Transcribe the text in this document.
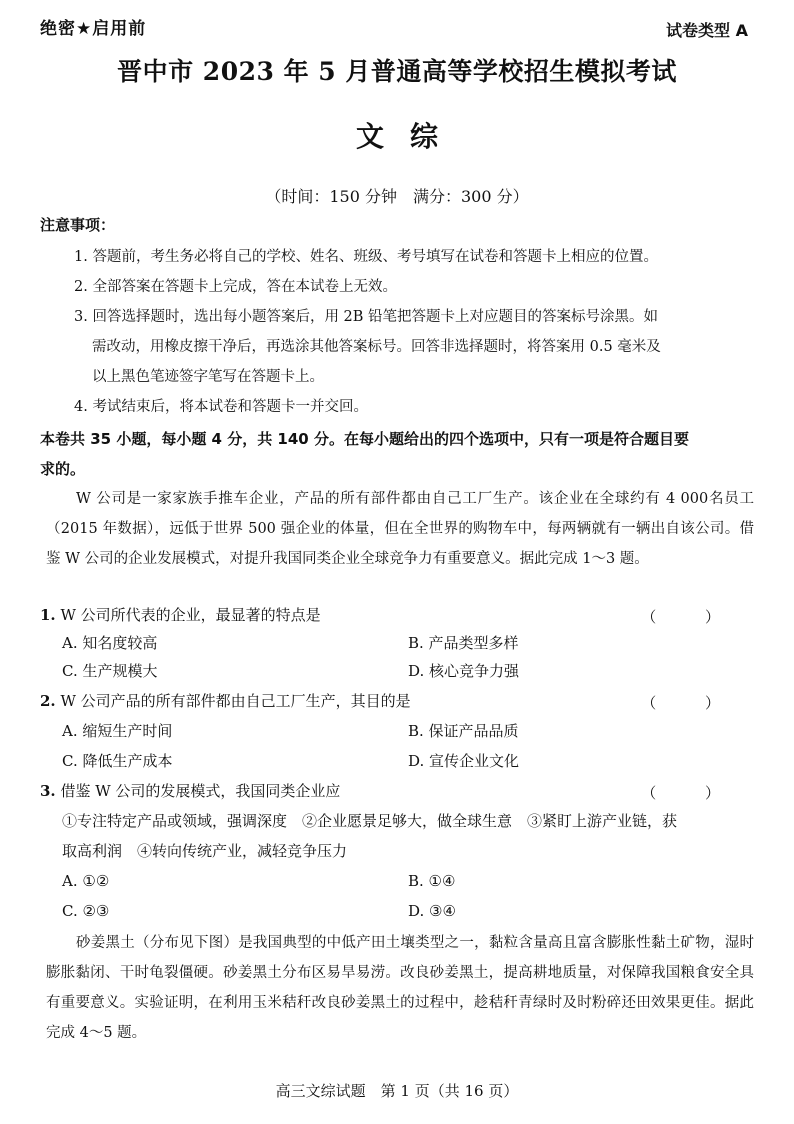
绝密★启用前	试卷类型 A
晋中市 2023 年 5 月普通高等学校招生模拟考试
文综
（时间：150 分钟　满分：300 分）
注意事项：
1. 答题前，考生务必将自己的学校、姓名、班级、考号填写在试卷和答题卡上相应的位置。
2. 全部答案在答题卡上完成，答在本试卷上无效。
3. 回答选择题时，选出每小题答案后，用 2B 铅笔把答题卡上对应题目的答案标号涂黑。如
需改动，用橡皮擦干净后，再选涂其他答案标号。回答非选择题时，将答案用 0.5 毫米及
以上黑色笔迹签字笔写在答题卡上。
4. 考试结束后，将本试卷和答题卡一并交回。
本卷共 35 小题，每小题 4 分，共 140 分。在每小题给出的四个选项中，只有一项是符合题目要
求的。
W 公司是一家家族手推车企业，产品的所有部件都由自己工厂生产。该企业在全球约有 4 000名员工（2015 年数据），远低于世界 500 强企业的体量，但在全世界的购物车中，每两辆就有一辆出自该公司。借鉴 W 公司的企业发展模式，对提升我国同类企业全球竞争力有重要意义。据此完成 1～3 题。
1. W 公司所代表的企业，最显著的特点是	（ ）
A. 知名度较高	B. 产品类型多样
C. 生产规模大	D. 核心竞争力强
2. W 公司产品的所有部件都由自己工厂生产，其目的是	（ ）
A. 缩短生产时间	B. 保证产品品质
C. 降低生产成本	D. 宣传企业文化
3. 借鉴 W 公司的发展模式，我国同类企业应	（ ）
①专注特定产品或领域，强调深度　②企业愿景足够大，做全球生意　③紧盯上游产业链，获
取高利润　④转向传统产业，减轻竞争压力
A. ①②	B. ①④
C. ②③	D. ③④
砂姜黑土（分布见下图）是我国典型的中低产田土壤类型之一，黏粒含量高且富含膨胀性黏土矿物，湿时膨胀黏闭、干时龟裂僵硬。砂姜黑土分布区易旱易涝。改良砂姜黑土，提高耕地质量，对保障我国粮食安全具有重要意义。实验证明，在利用玉米秸秆改良砂姜黑土的过程中，趁秸秆青绿时及时粉碎还田效果更佳。据此完成 4～5 题。
高三文综试题　第 1 页（共 16 页）
